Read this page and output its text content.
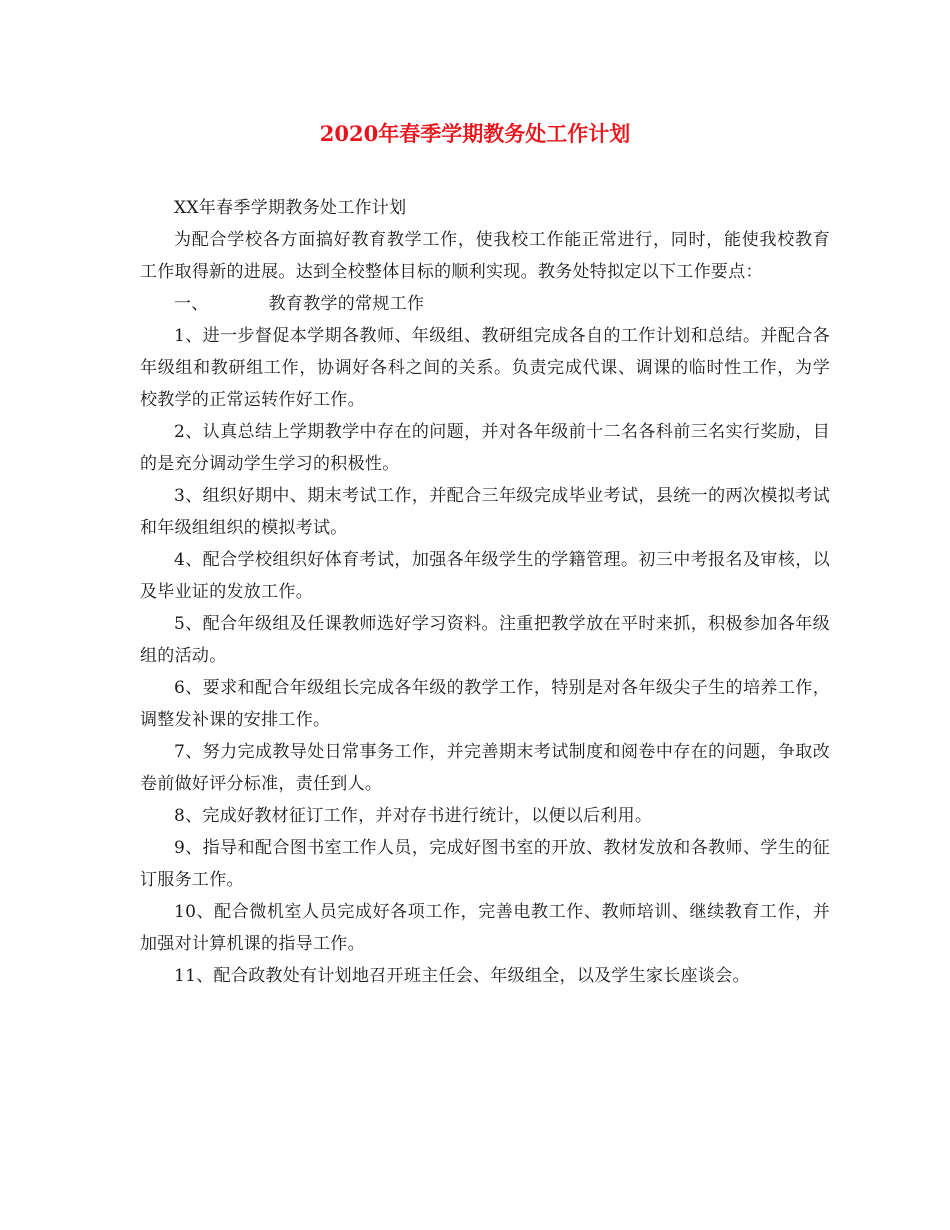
2020年春季学期教务处工作计划

XX年春季学期教务处工作计划

为配合学校各方面搞好教育教学工作，使我校工作能正常进行，同时，能使我校教育工作取得新的进展。达到全校整体目标的顺利实现。教务处特拟定以下工作要点：

一、	教育教学的常规工作

1、进一步督促本学期各教师、年级组、教研组完成各自的工作计划和总结。并配合各年级组和教研组工作，协调好各科之间的关系。负责完成代课、调课的临时性工作，为学校教学的正常运转作好工作。

2、认真总结上学期教学中存在的问题，并对各年级前十二名各科前三名实行奖励，目的是充分调动学生学习的积极性。

3、组织好期中、期末考试工作，并配合三年级完成毕业考试，县统一的两次模拟考试和年级组组织的模拟考试。

4、配合学校组织好体育考试，加强各年级学生的学籍管理。初三中考报名及审核，以及毕业证的发放工作。

5、配合年级组及任课教师选好学习资料。注重把教学放在平时来抓，积极参加各年级组的活动。

6、要求和配合年级组长完成各年级的教学工作，特别是对各年级尖子生的培养工作，调整发补课的安排工作。

7、努力完成教导处日常事务工作，并完善期末考试制度和阅卷中存在的问题，争取改卷前做好评分标准，责任到人。

8、完成好教材征订工作，并对存书进行统计，以便以后利用。

9、指导和配合图书室工作人员，完成好图书室的开放、教材发放和各教师、学生的征订服务工作。

10、配合微机室人员完成好各项工作，完善电教工作、教师培训、继续教育工作，并加强对计算机课的指导工作。

11、配合政教处有计划地召开班主任会、年级组全，以及学生家长座谈会。
